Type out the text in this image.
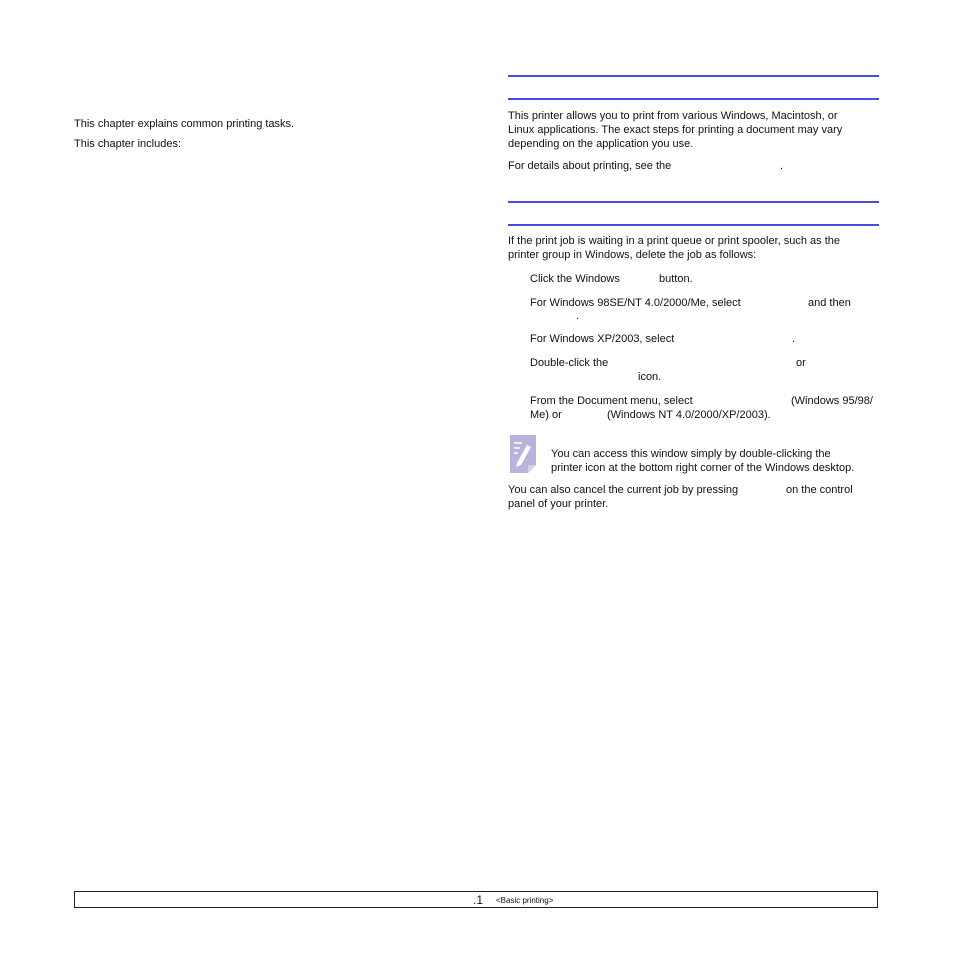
This chapter explains common printing tasks.
This chapter includes:
This printer allows you to print from various Windows, Macintosh, or
Linux applications. The exact steps for printing a document may vary
depending on the application you use.
For details about printing, see the	.
If the print job is waiting in a print queue or print spooler, such as the
printer group in Windows, delete the job as follows:
Click the Windows	button.
For Windows 98SE/NT 4.0/2000/Me, select	and then
.
For Windows XP/2003, select	.
Double-click the	or
icon.
From the Document menu, select	(Windows 95/98/
Me) or	(Windows NT 4.0/2000/XP/2003).
You can access this window simply by double-clicking the
printer icon at the bottom right corner of the Windows desktop.
You can also cancel the current job by pressing	on the control
panel of your printer.
.1 <Basic printing>
